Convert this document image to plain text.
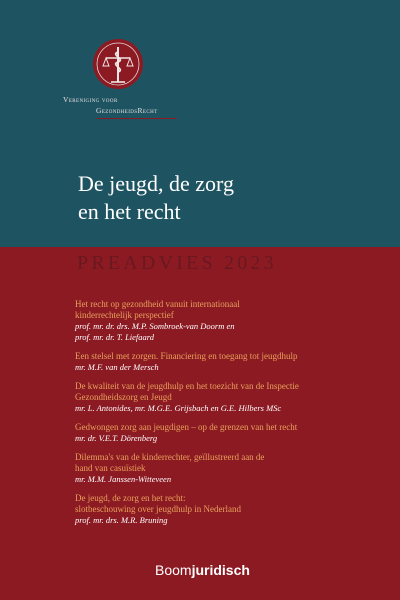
Vereniging voor
GezondheidsRecht
De jeugd, de zorg
en het recht
PREADVIES 2023
Het recht op gezondheid vanuit internationaal
kinderrechtelijk perspectief
prof. mr. dr. drs. M.P. Sombroek-van Doorm en
prof. mr. dr. T. Liefaard
Een stelsel met zorgen. Financiering en toegang tot jeugdhulp
mr. M.F. van der Mersch
De kwaliteit van de jeugdhulp en het toezicht van de Inspectie
Gezondheidszorg en Jeugd
mr. L. Antonides, mr. M.G.E. Grijsbach en G.E. Hilbers MSc
Gedwongen zorg aan jeugdigen – op de grenzen van het recht
mr. dr. V.E.T. Dörenberg
Dilemma's van de kinderrechter, geïllustreerd aan de
hand van casuïstiek
mr. M.M. Janssen-Witteveen
De jeugd, de zorg en het recht:
slotbeschouwing over jeugdhulp in Nederland
prof. mr. drs. M.R. Bruning
Boomjuridisch
